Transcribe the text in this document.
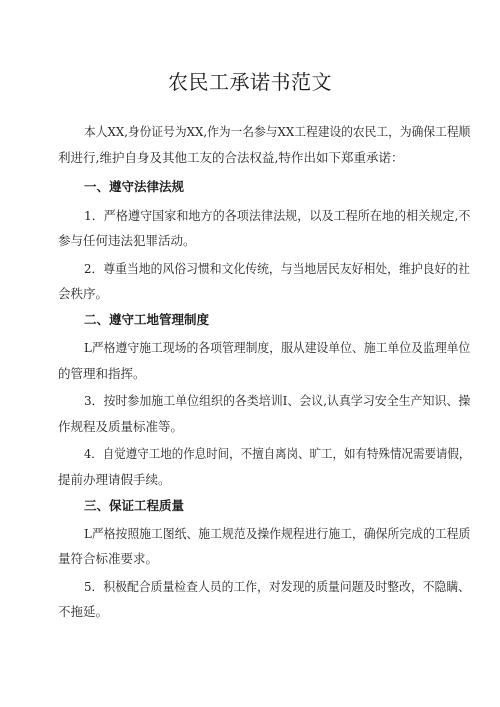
农民工承诺书范文
本人XX,身份证号为XX,作为一名参与XX工程建设的农民工，为确保工程顺
利进行,维护自身及其他工友的合法权益,特作出如下郑重承诺：
一、遵守法律法规
1．严格遵守国家和地方的各项法律法规，以及工程所在地的相关规定,不
参与任何违法犯罪活动。
2．尊重当地的风俗习惯和文化传统，与当地居民友好相处，维护良好的社
会秩序。
二、遵守工地管理制度
L严格遵守施工现场的各项管理制度，服从建设单位、施工单位及监理单位
的管理和指挥。
3．按时参加施工单位组织的各类培训I、会议,认真学习安全生产知识、操
作规程及质量标准等。
4．自觉遵守工地的作息时间，不擅自离岗、旷工，如有特殊情况需要请假，
提前办理请假手续。
三、保证工程质量
L严格按照施工图纸、施工规范及操作规程进行施工，确保所完成的工程质
量符合标准要求。
5．积极配合质量检查人员的工作，对发现的质量问题及时整改，不隐瞒、
不拖延。
